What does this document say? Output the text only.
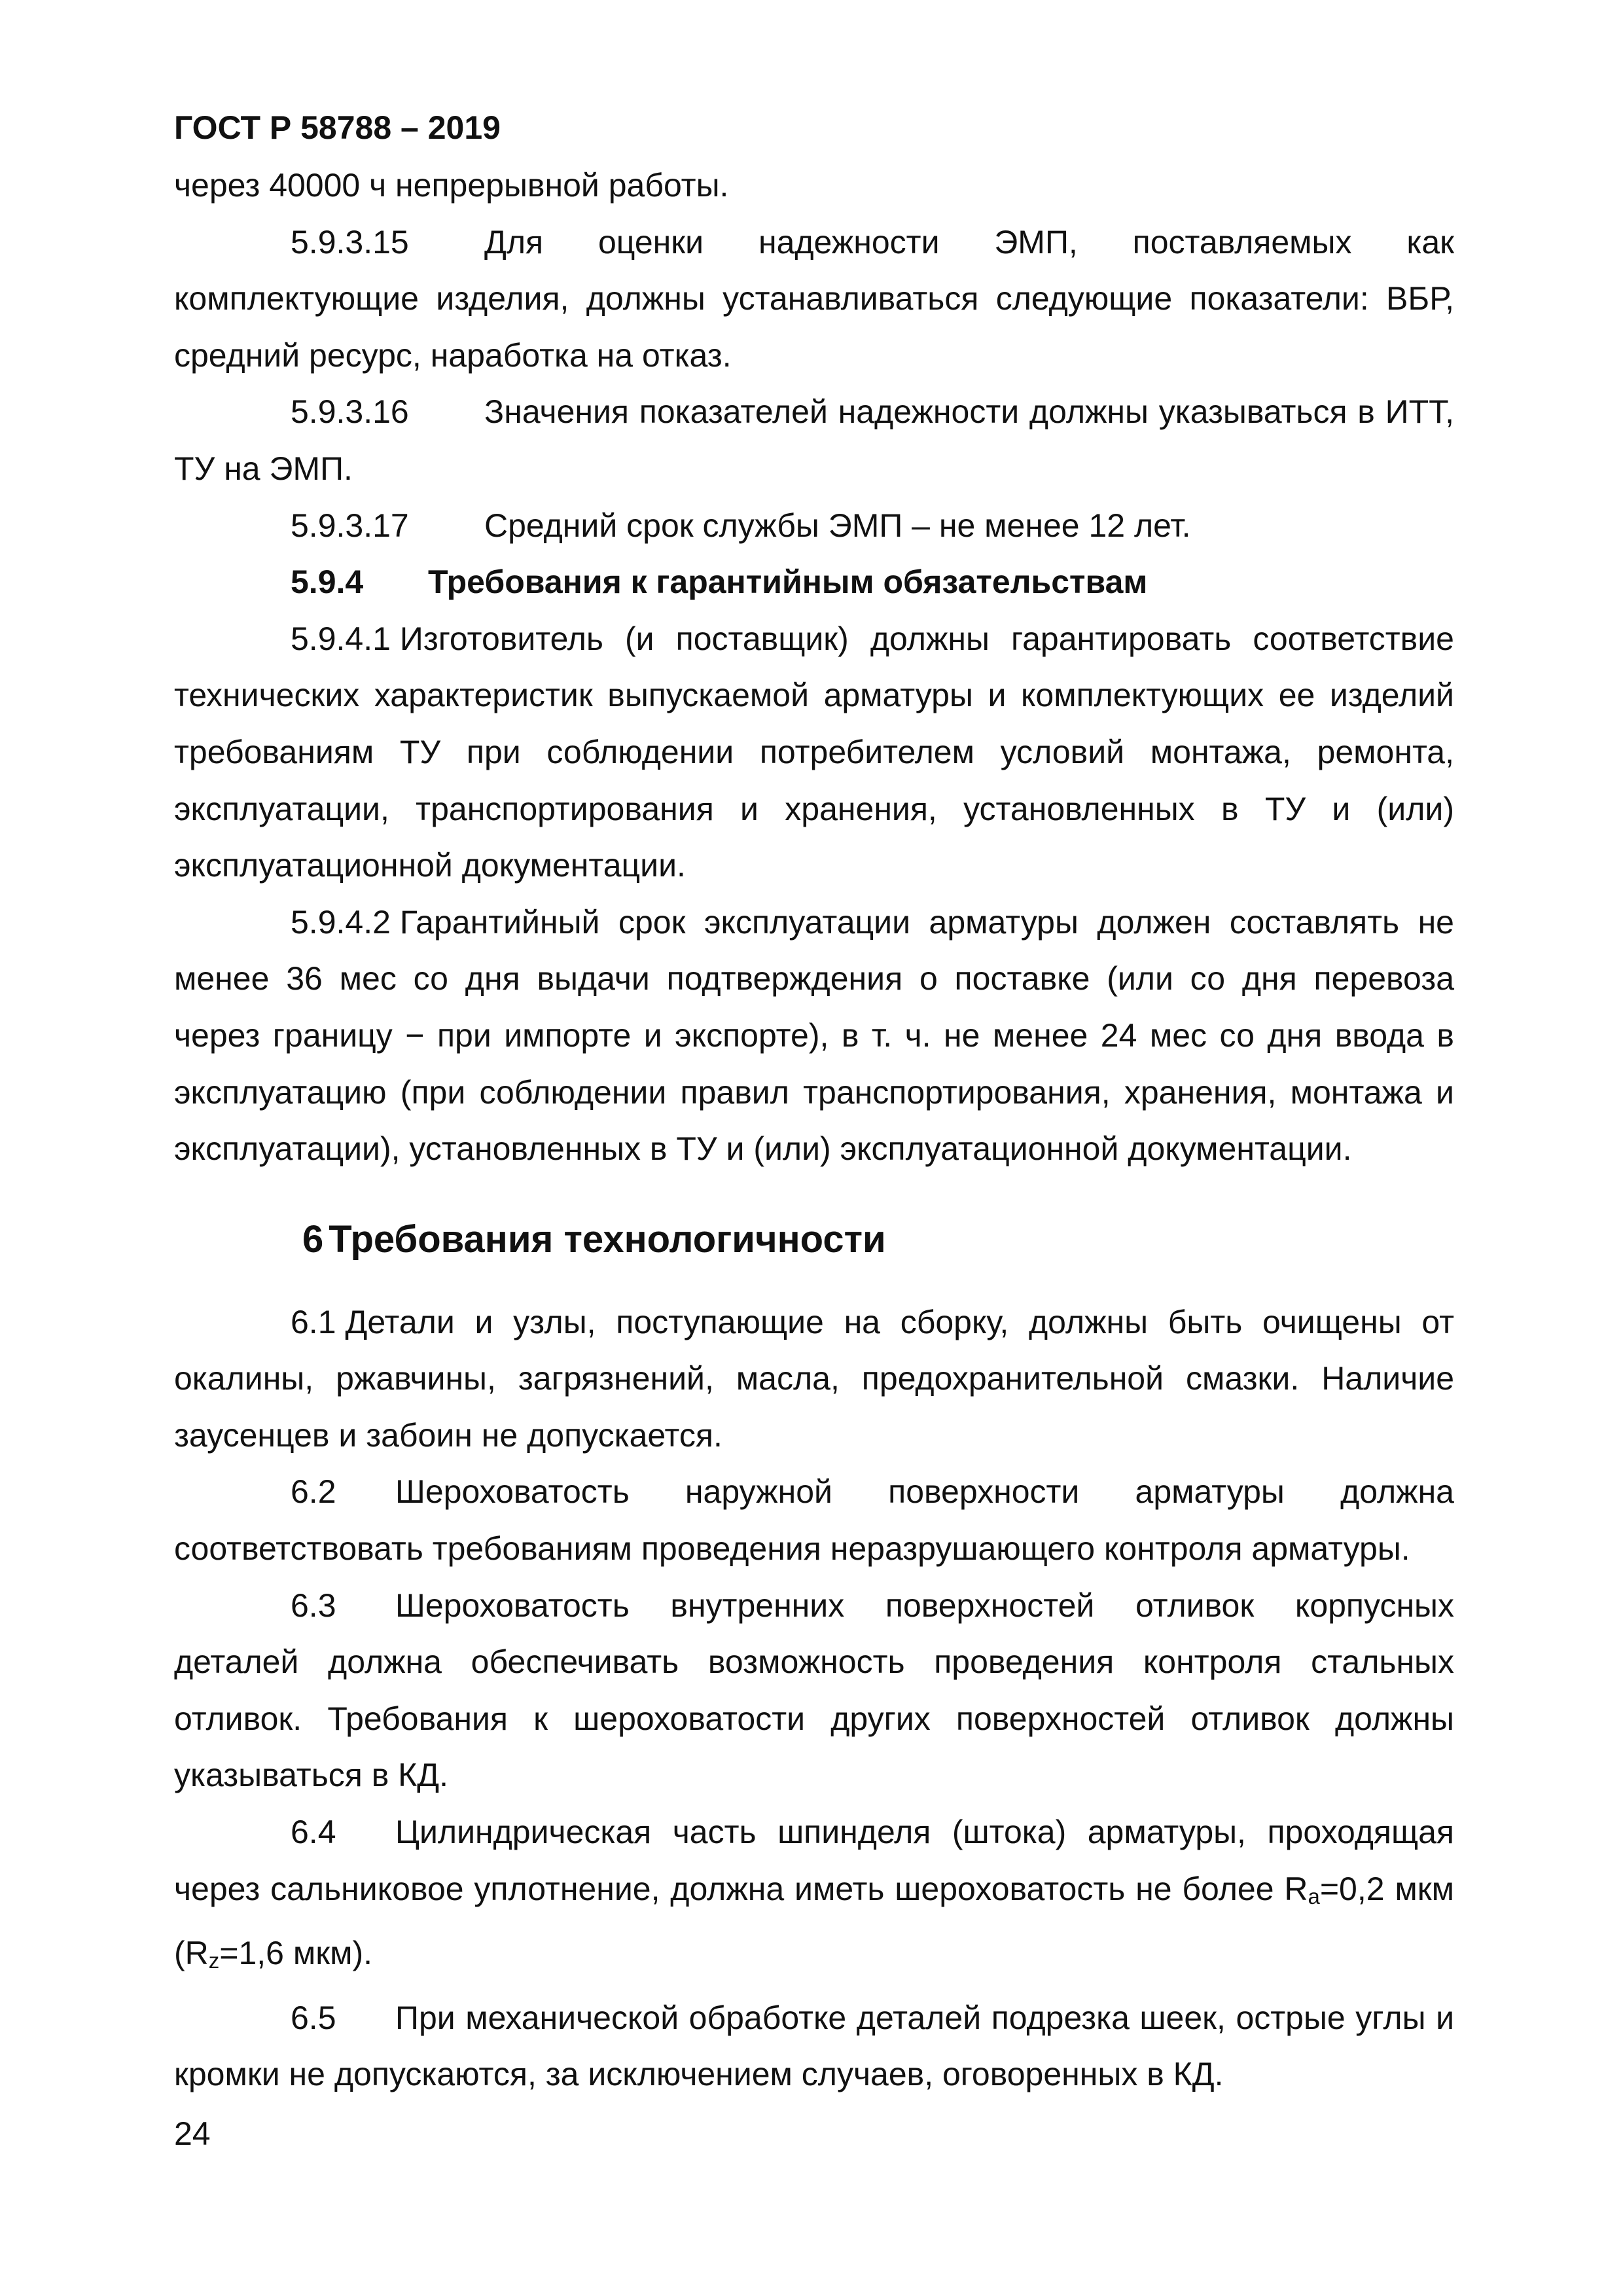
ГОСТ Р 58788 – 2019

через 40000 ч непрерывной работы.

5.9.3.15 Для оценки надежности ЭМП, поставляемых как комплектующие изделия, должны устанавливаться следующие показатели: ВБР, средний ресурс, наработка на отказ.

5.9.3.16 Значения показателей надежности должны указываться в ИТТ, ТУ на ЭМП.

5.9.3.17 Средний срок службы ЭМП – не менее 12 лет.

5.9.4 Требования к гарантийным обязательствам

5.9.4.1 Изготовитель (и поставщик) должны гарантировать соответствие технических характеристик выпускаемой арматуры и комплектующих ее изделий требованиям ТУ при соблюдении потребителем условий монтажа, ремонта, эксплуатации, транспортирования и хранения, установленных в ТУ и (или) эксплуатационной документации.

5.9.4.2 Гарантийный срок эксплуатации арматуры должен составлять не менее 36 мес со дня выдачи подтверждения о поставке (или со дня перевоза через границу − при импорте и экспорте), в т. ч. не менее 24 мес со дня ввода в эксплуатацию (при соблюдении правил транспортирования, хранения, монтажа и эксплуатации), установленных в ТУ и (или) эксплуатационной документации.

6 Требования технологичности

6.1 Детали и узлы, поступающие на сборку, должны быть очищены от окалины, ржавчины, загрязнений, масла, предохранительной смазки. Наличие заусенцев и забоин не допускается.

6.2 Шероховатость наружной поверхности арматуры должна соответствовать требованиям проведения неразрушающего контроля арматуры.

6.3 Шероховатость внутренних поверхностей отливок корпусных деталей должна обеспечивать возможность проведения контроля стальных отливок. Требования к шероховатости других поверхностей отливок должны указываться в КД.

6.4 Цилиндрическая часть шпинделя (штока) арматуры, проходящая через сальниковое уплотнение, должна иметь шероховатость не более Ra=0,2 мкм (Rz=1,6 мкм).

6.5 При механической обработке деталей подрезка шеек, острые углы и кромки не допускаются, за исключением случаев, оговоренных в КД.

24
